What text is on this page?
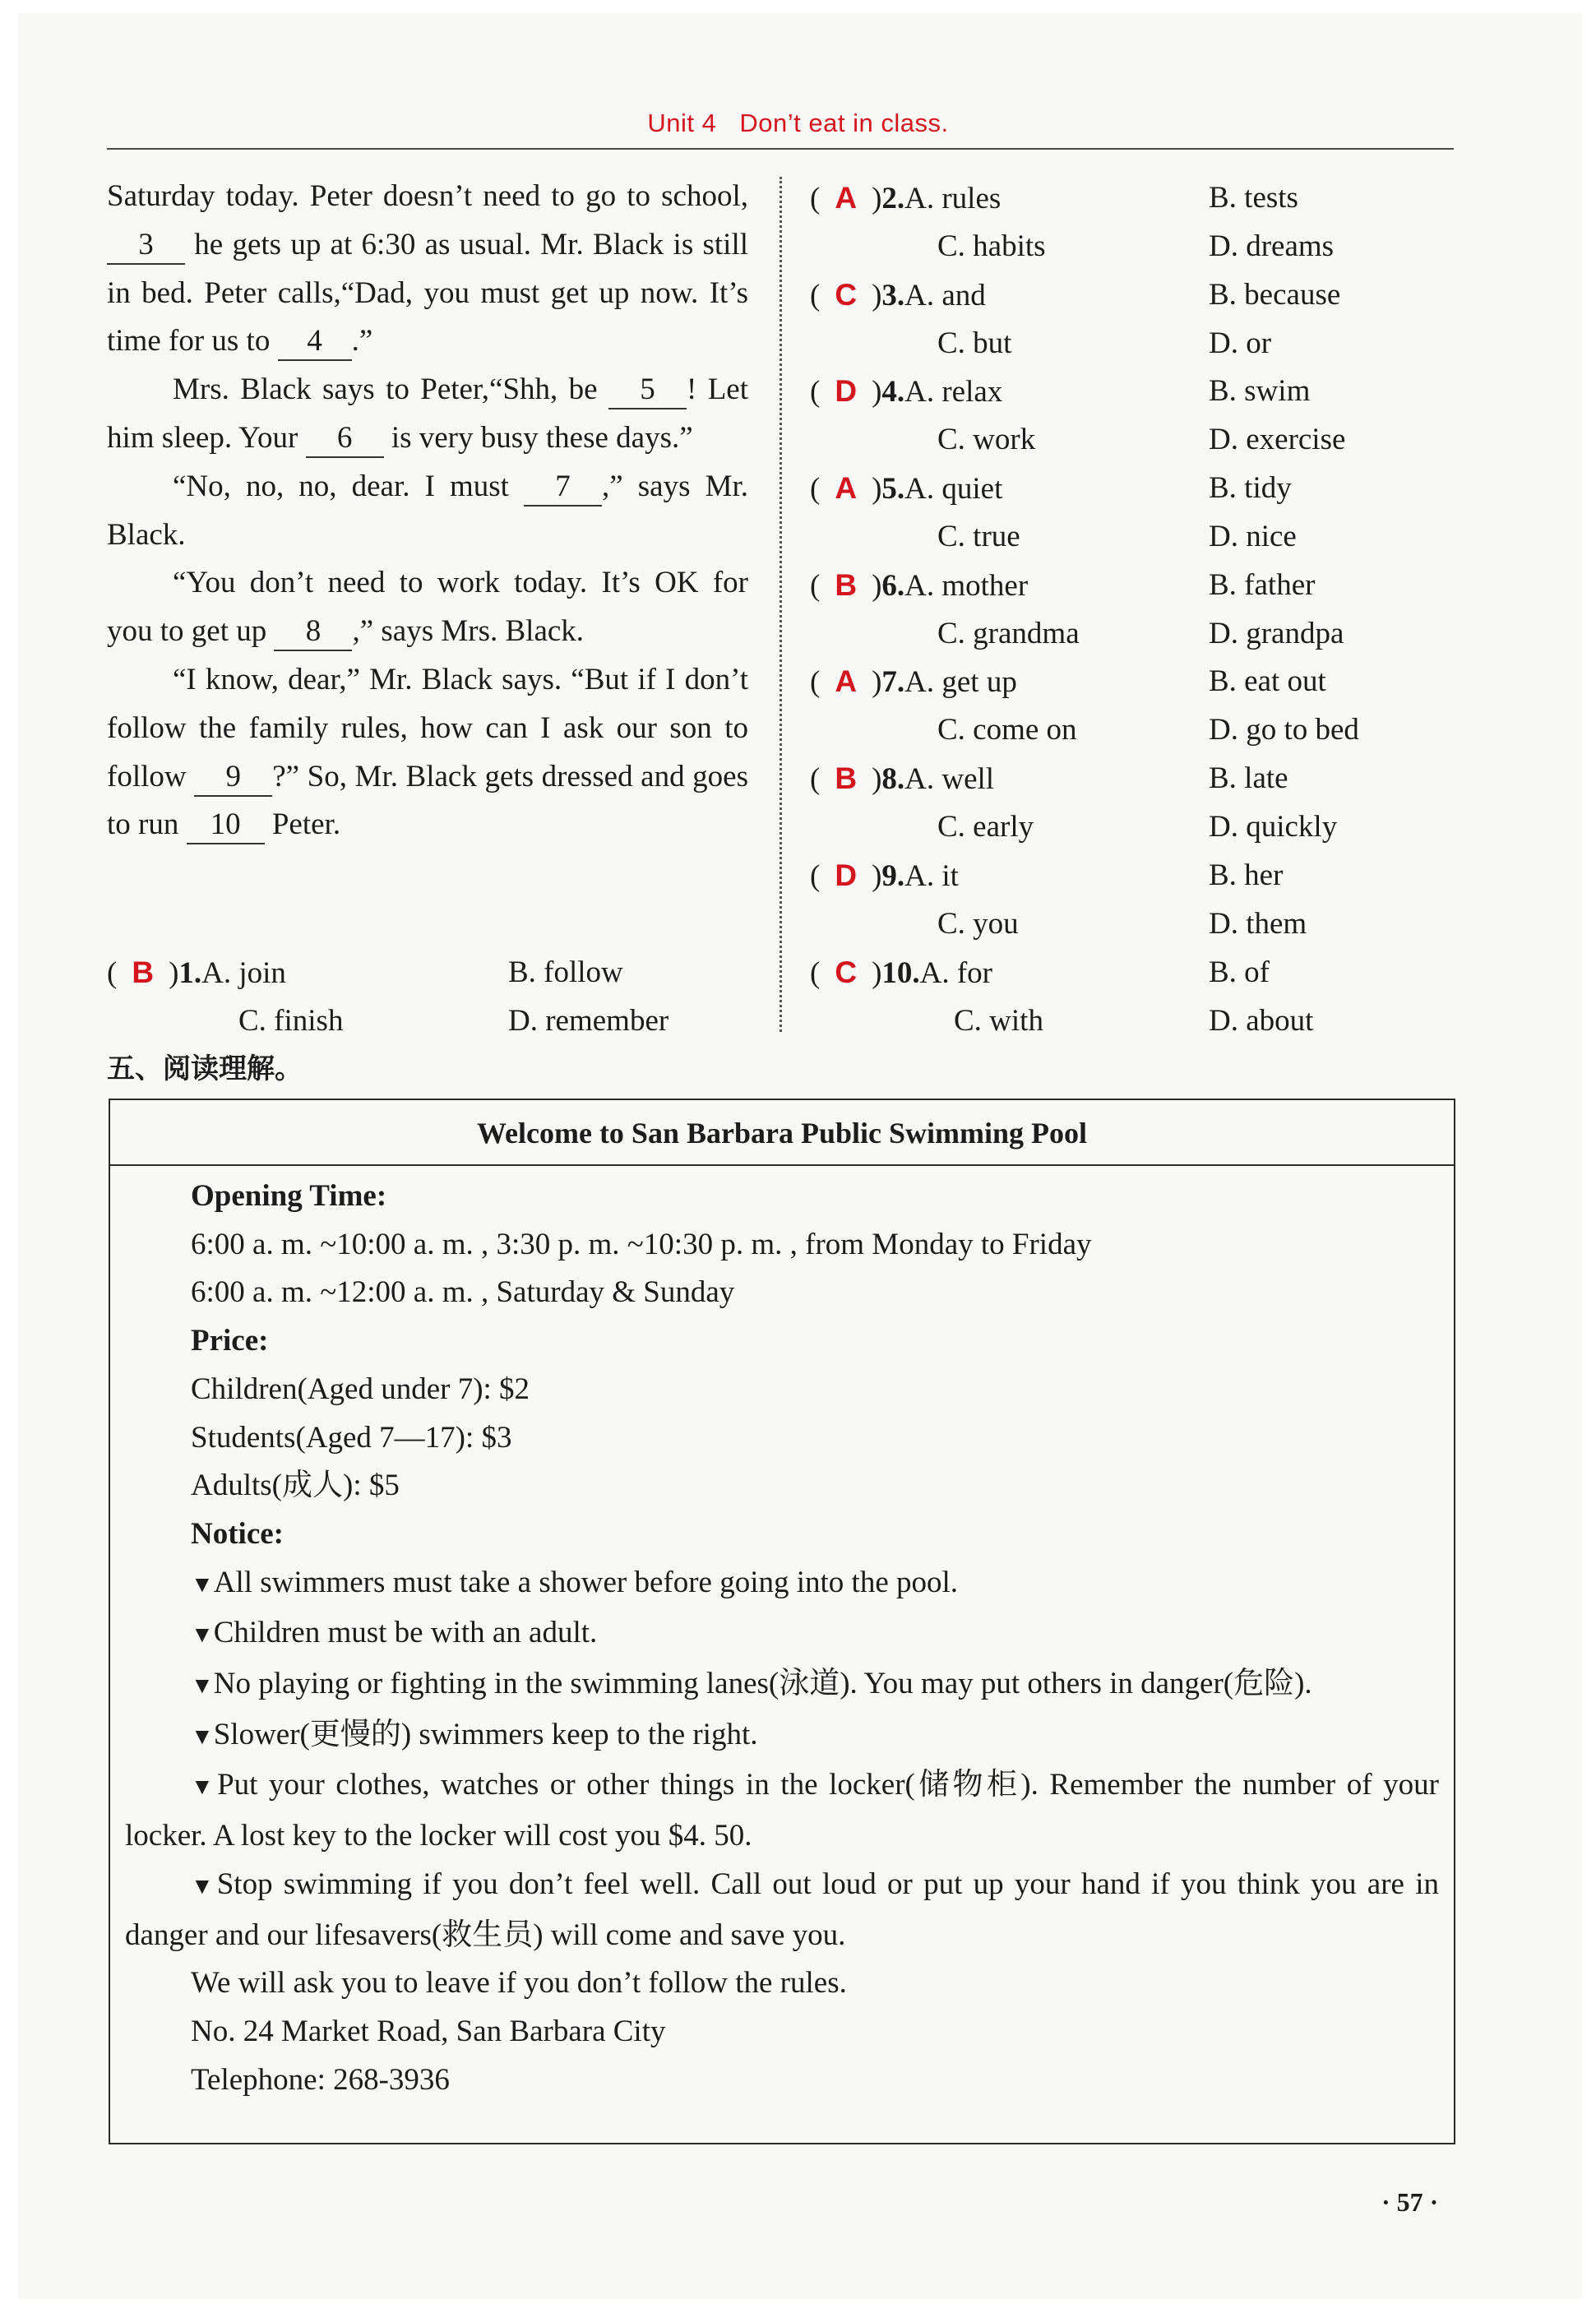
Unit 4 Don’t eat in class.

Saturday today. Peter doesn’t need to go to school, 3 he gets up at 6:30 as usual. Mr. Black is still in bed. Peter calls,“Dad, you must get up now. It’s time for us to 4 .”

Mrs. Black says to Peter,“Shh, be 5 ! Let him sleep. Your 6 is very busy these days.”

“No, no, no, dear. I must 7 ,” says Mr. Black.

“You don’t need to work today. It’s OK for you to get up 8 ,” says Mrs. Black.

“I know, dear,” Mr. Black says. “But if I don’t follow the family rules, how can I ask our son to follow 9 ?” So, Mr. Black gets dressed and goes to run 10 Peter.

( B )1.A. join	B. follow
C. finish	D. remember
( A )2.A. rules	B. tests
C. habits	D. dreams
( C )3.A. and	B. because
C. but	D. or
( D )4.A. relax	B. swim
C. work	D. exercise
( A )5.A. quiet	B. tidy
C. true	D. nice
( B )6.A. mother	B. father
C. grandma	D. grandpa
( A )7.A. get up	B. eat out
C. come on	D. go to bed
( B )8.A. well	B. late
C. early	D. quickly
( D )9.A. it	B. her
C. you	D. them
( C )10.A. for	B. of
C. with	D. about
五、阅读理解。
Welcome to San Barbara Public Swimming Pool
Opening Time:
6:00 a. m. ~10:00 a. m. , 3:30 p. m. ~10:30 p. m. , from Monday to Friday
6:00 a. m. ~12:00 a. m. , Saturday & Sunday
Price:
Children(Aged under 7): $2
Students(Aged 7—17): $3
Adults(成人): $5
Notice:
▼All swimmers must take a shower before going into the pool.
▼Children must be with an adult.
▼No playing or fighting in the swimming lanes(泳道). You may put others in danger(危险).
▼Slower(更慢的) swimmers keep to the right.
▼Put your clothes, watches or other things in the locker(储物柜). Remember the number of your locker. A lost key to the locker will cost you $4. 50.
▼Stop swimming if you don’t feel well. Call out loud or put up your hand if you think you are in danger and our lifesavers(救生员) will come and save you.
We will ask you to leave if you don’t follow the rules.
No. 24 Market Road, San Barbara City
Telephone: 268-3936
· 57 ·
